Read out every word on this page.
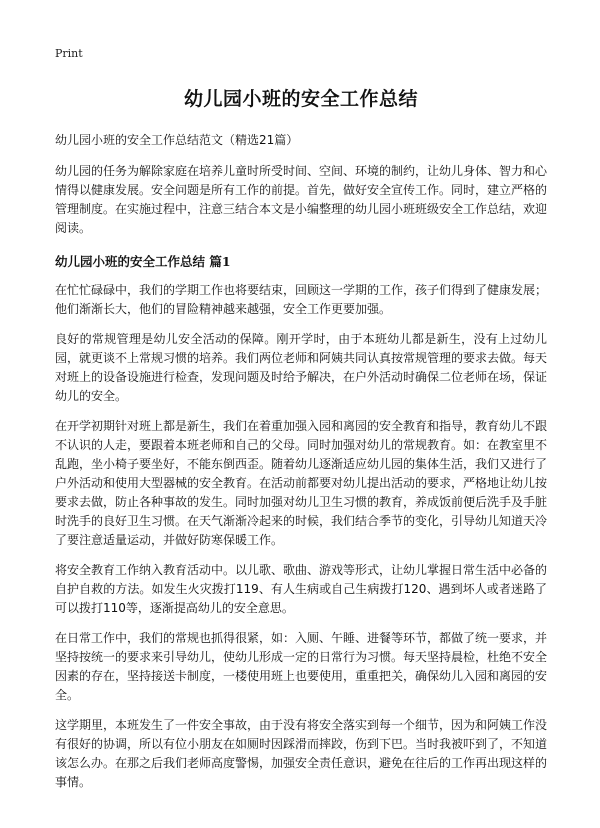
Print
幼儿园小班的安全工作总结
幼儿园小班的安全工作总结范文（精选21篇）

幼儿园的任务为解除家庭在培养儿童时所受时间、空间、环境的制约，让幼儿身体、智力和心情得以健康发展。安全问题是所有工作的前提。首先，做好安全宣传工作。同时，建立严格的管理制度。在实施过程中，注意三结合本文是小编整理的幼儿园小班班级安全工作总结，欢迎阅读。

幼儿园小班的安全工作总结 篇1

在忙忙碌碌中，我们的学期工作也将要结束，回顾这一学期的工作，孩子们得到了健康发展；他们渐渐长大，他们的冒险精神越来越强，安全工作更要加强。

良好的常规管理是幼儿安全活动的保障。刚开学时，由于本班幼儿都是新生，没有上过幼儿园，就更谈不上常规习惯的培养。我们两位老师和阿姨共同认真按常规管理的要求去做。每天对班上的设备设施进行检查，发现问题及时给予解决，在户外活动时确保二位老师在场，保证幼儿的安全。

在开学初期针对班上都是新生，我们在着重加强入园和离园的安全教育和指导，教育幼儿不跟不认识的人走，要跟着本班老师和自己的父母。同时加强对幼儿的常规教育。如：在教室里不乱跑，坐小椅子要坐好，不能东倒西歪。随着幼儿逐渐适应幼儿园的集体生活，我们又进行了户外活动和使用大型器械的安全教育。在活动前都要对幼儿提出活动的要求，严格地让幼儿按要求去做，防止各种事故的发生。同时加强对幼儿卫生习惯的教育，养成饭前便后洗手及手脏时洗手的良好卫生习惯。在天气渐渐冷起来的时候，我们结合季节的变化，引导幼儿知道天冷了要注意适量运动，并做好防寒保暖工作。

将安全教育工作纳入教育活动中。以儿歌、歌曲、游戏等形式，让幼儿掌握日常生活中必备的自护自救的方法。如发生火灾拨打119、有人生病或自己生病拨打120、遇到坏人或者迷路了可以拨打110等，逐渐提高幼儿的安全意思。

在日常工作中，我们的常规也抓得很紧，如：入厕、午睡、进餐等环节，都做了统一要求，并坚持按统一的要求来引导幼儿，使幼儿形成一定的日常行为习惯。每天坚持晨检，杜绝不安全因素的存在，坚持接送卡制度，一楼使用班上也要使用，重重把关，确保幼儿入园和离园的安全。

这学期里，本班发生了一件安全事故，由于没有将安全落实到每一个细节，因为和阿姨工作没有很好的协调，所以有位小朋友在如厕时因踩滑而摔跤，伤到下巴。当时我被吓到了，不知道该怎么办。在那之后我们老师高度警惕，加强安全责任意识，避免在往后的工作再出现这样的事情。
